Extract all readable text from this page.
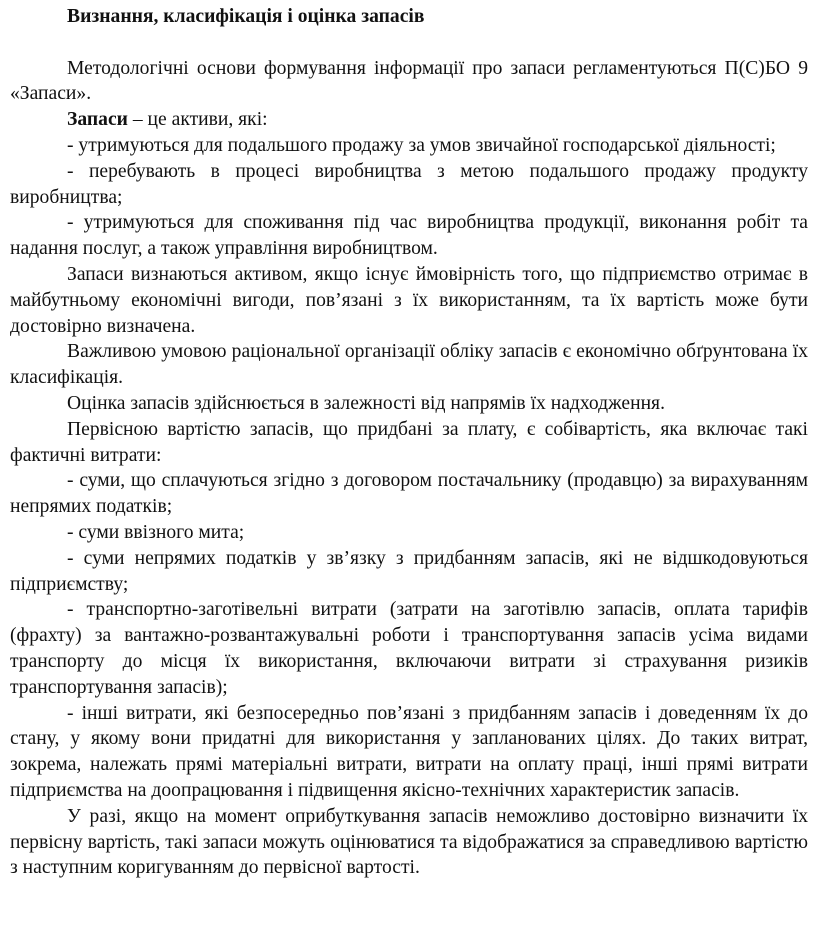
Визнання, класифікація і оцінка запасів

Методологічні основи формування інформації про запаси регламентуються П(С)БО 9 «Запаси».

Запаси – це активи, які:

- утримуються для подальшого продажу за умов звичайної господарської діяльності;

- перебувають в процесі виробництва з метою подальшого продажу продукту виробництва;

- утримуються для споживання під час виробництва продукції, виконання робіт та надання послуг, а також управління виробництвом.

Запаси визнаються активом, якщо існує ймовірність того, що підприємство отримає в майбутньому економічні вигоди, пов’язані з їх використанням, та їх вартість може бути достовірно визначена.

Важливою умовою раціональної організації обліку запасів є економічно обґрунтована їх класифікація.

Оцінка запасів здійснюється в залежності від напрямів їх надходження.

Первісною вартістю запасів, що придбані за плату, є собівартість, яка включає такі фактичні витрати:

- суми, що сплачуються згідно з договором постачальнику (продавцю) за вирахуванням непрямих податків;

- суми ввізного мита;

- суми непрямих податків у зв’язку з придбанням запасів, які не відшкодовуються підприємству;

- транспортно-заготівельні витрати (затрати на заготівлю запасів, оплата тарифів (фрахту) за вантажно-розвантажувальні роботи і транспортування запасів усіма видами транспорту до місця їх використання, включаючи витрати зі страхування ризиків транспортування запасів);

- інші витрати, які безпосередньо пов’язані з придбанням запасів і доведенням їх до стану, у якому вони придатні для використання у запланованих цілях. До таких витрат, зокрема, належать прямі матеріальні витрати, витрати на оплату праці, інші прямі витрати підприємства на доопрацювання і підвищення якісно-технічних характеристик запасів.

У разі, якщо на момент оприбуткування запасів неможливо достовірно визначити їх первісну вартість, такі запаси можуть оцінюватися та відображатися за справедливою вартістю з наступним коригуванням до первісної вартості.
